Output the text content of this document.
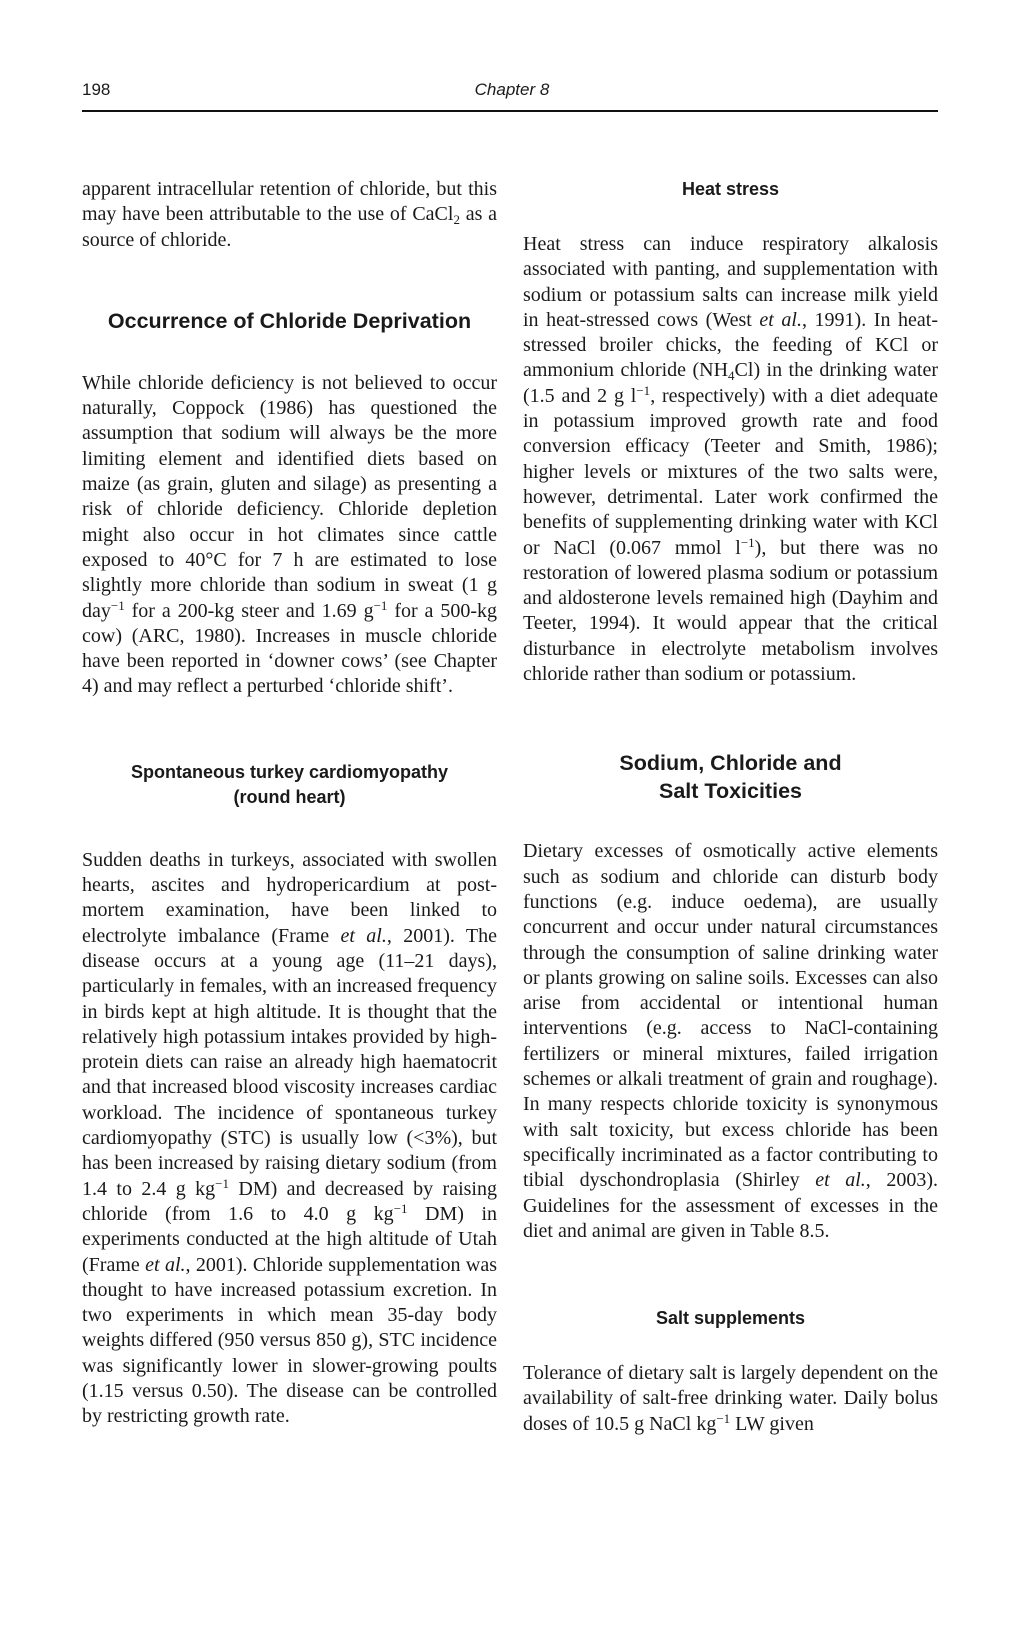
198	Chapter 8

apparent intracellular retention of chloride, but this may have been attributable to the use of CaCl$_2$ as a source of chloride.

Occurrence of Chloride Deprivation

While chloride deficiency is not believed to occur naturally, Coppock (1986) has questioned the assumption that sodium will always be the more limiting element and identified diets based on maize (as grain, gluten and silage) as presenting a risk of chloride deficiency. Chloride depletion might also occur in hot climates since cattle exposed to 40°C for 7 h are estimated to lose slightly more chloride than sodium in sweat (1 g day$^{-1}$ for a 200-kg steer and 1.69 $g^{-1}$ for a 500-kg cow) (ARC, 1980). Increases in muscle chloride have been reported in ‘downer cows’ (see Chapter 4) and may reflect a perturbed ‘chloride shift’.

Spontaneous turkey cardiomyopathy
(round heart)

Sudden deaths in turkeys, associated with swollen hearts, ascites and hydropericardium at post-mortem examination, have been linked to electrolyte imbalance (Frame et al., 2001). The disease occurs at a young age (11–21 days), particularly in females, with an increased frequency in birds kept at high altitude. It is thought that the relatively high potassium intakes provided by high-protein diets can raise an already high haematocrit and that increased blood viscosity increases cardiac workload. The incidence of spontaneous turkey cardiomyopathy (STC) is usually low (<3%), but has been increased by raising dietary sodium (from 1.4 to 2.4 g $kg^{-1}$ DM) and decreased by raising chloride (from 1.6 to 4.0 g $kg^{-1}$ DM) in experiments conducted at the high altitude of Utah (Frame et al., 2001). Chloride supplementation was thought to have increased potassium excretion. In two experiments in which mean 35-day body weights differed (950 versus 850 g), STC incidence was significantly lower in slower-growing poults (1.15 versus 0.50). The disease can be controlled by restricting growth rate.

Heat stress

Heat stress can induce respiratory alkalosis associated with panting, and supplementation with sodium or potassium salts can increase milk yield in heat-stressed cows (West et al., 1991). In heat-stressed broiler chicks, the feeding of KCl or ammonium chloride $(NH_4Cl)$ in the drinking water (1.5 and 2 g $l^{-1}$, respectively) with a diet adequate in potassium improved growth rate and food conversion efficacy (Teeter and Smith, 1986); higher levels or mixtures of the two salts were, however, detrimental. Later work confirmed the benefits of supplementing drinking water with KCl or NaCl (0.067 mmol $l^{-1}$), but there was no restoration of lowered plasma sodium or potassium and aldosterone levels remained high (Dayhim and Teeter, 1994). It would appear that the critical disturbance in electrolyte metabolism involves chloride rather than sodium or potassium.

Sodium, Chloride and
Salt Toxicities

Dietary excesses of osmotically active elements such as sodium and chloride can disturb body functions (e.g. induce oedema), are usually concurrent and occur under natural circumstances through the consumption of saline drinking water or plants growing on saline soils. Excesses can also arise from accidental or intentional human interventions (e.g. access to NaCl-containing fertilizers or mineral mixtures, failed irrigation schemes or alkali treatment of grain and roughage). In many respects chloride toxicity is synonymous with salt toxicity, but excess chloride has been specifically incriminated as a factor contributing to tibial dyschondroplasia (Shirley et al., 2003). Guidelines for the assessment of excesses in the diet and animal are given in Table 8.5.

Salt supplements

Tolerance of dietary salt is largely dependent on the availability of salt-free drinking water. Daily bolus doses of 10.5 g NaCl $kg^{-1}$ LW given
